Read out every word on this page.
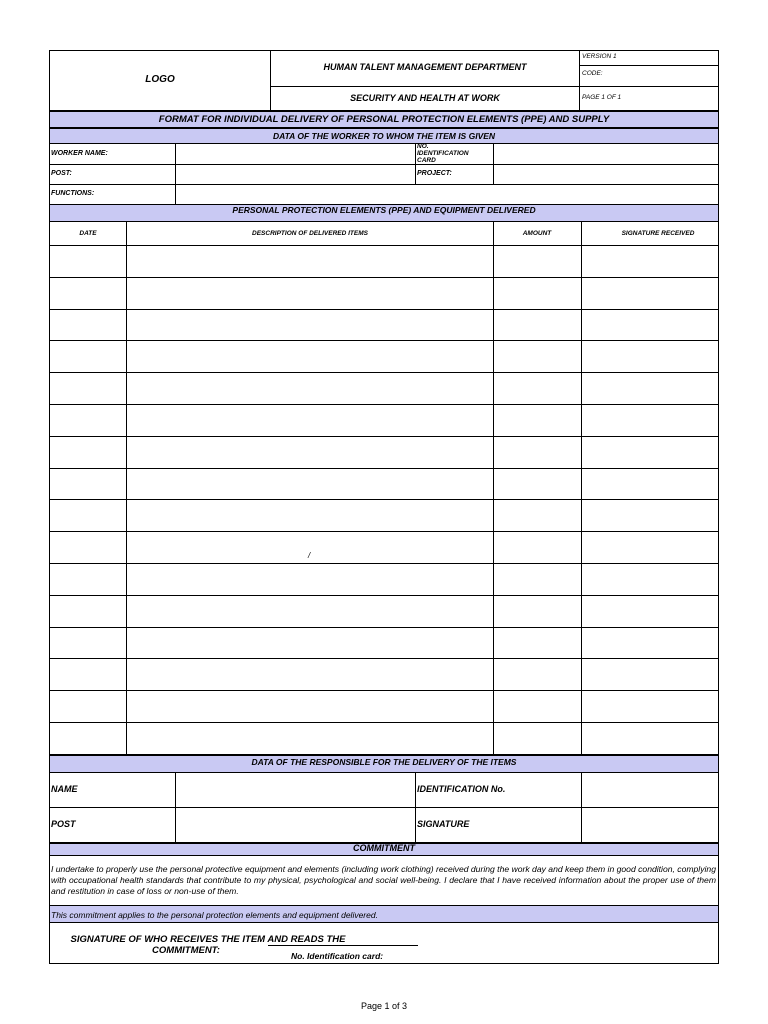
LOGO
HUMAN TALENT MANAGEMENT DEPARTMENT
SECURITY AND HEALTH AT WORK
VERSION 1
CODE:
PAGE 1 OF 1
FORMAT FOR INDIVIDUAL DELIVERY OF PERSONAL PROTECTION ELEMENTS (PPE) AND SUPPLY
DATA OF THE WORKER TO WHOM THE ITEM IS GIVEN
WORKER NAME:
NO.
IDENTIFICATION
CARD
POST:	PROJECT:
FUNCTIONS:
PERSONAL PROTECTION ELEMENTS (PPE) AND EQUIPMENT DELIVERED
DATE	DESCRIPTION OF DELIVERED ITEMS	AMOUNT	SIGNATURE RECEIVED
/
DATA OF THE RESPONSIBLE FOR THE DELIVERY OF THE ITEMS
NAME	IDENTIFICATION No.
POST	SIGNATURE
COMMITMENT
I undertake to properly use the personal protective equipment and elements (including work clothing) received during the work day and keep them in good condition, complying with occupational health standards that contribute to my physical, psychological and social well-being. I declare that I have received information about the proper use of them and restitution in case of loss or non-use of them.
This commitment applies to the personal protection elements and equipment delivered.
SIGNATURE OF WHO RECEIVES THE ITEM AND READS THE
COMMITMENT:	No. Identification card:
Page 1 of 3
